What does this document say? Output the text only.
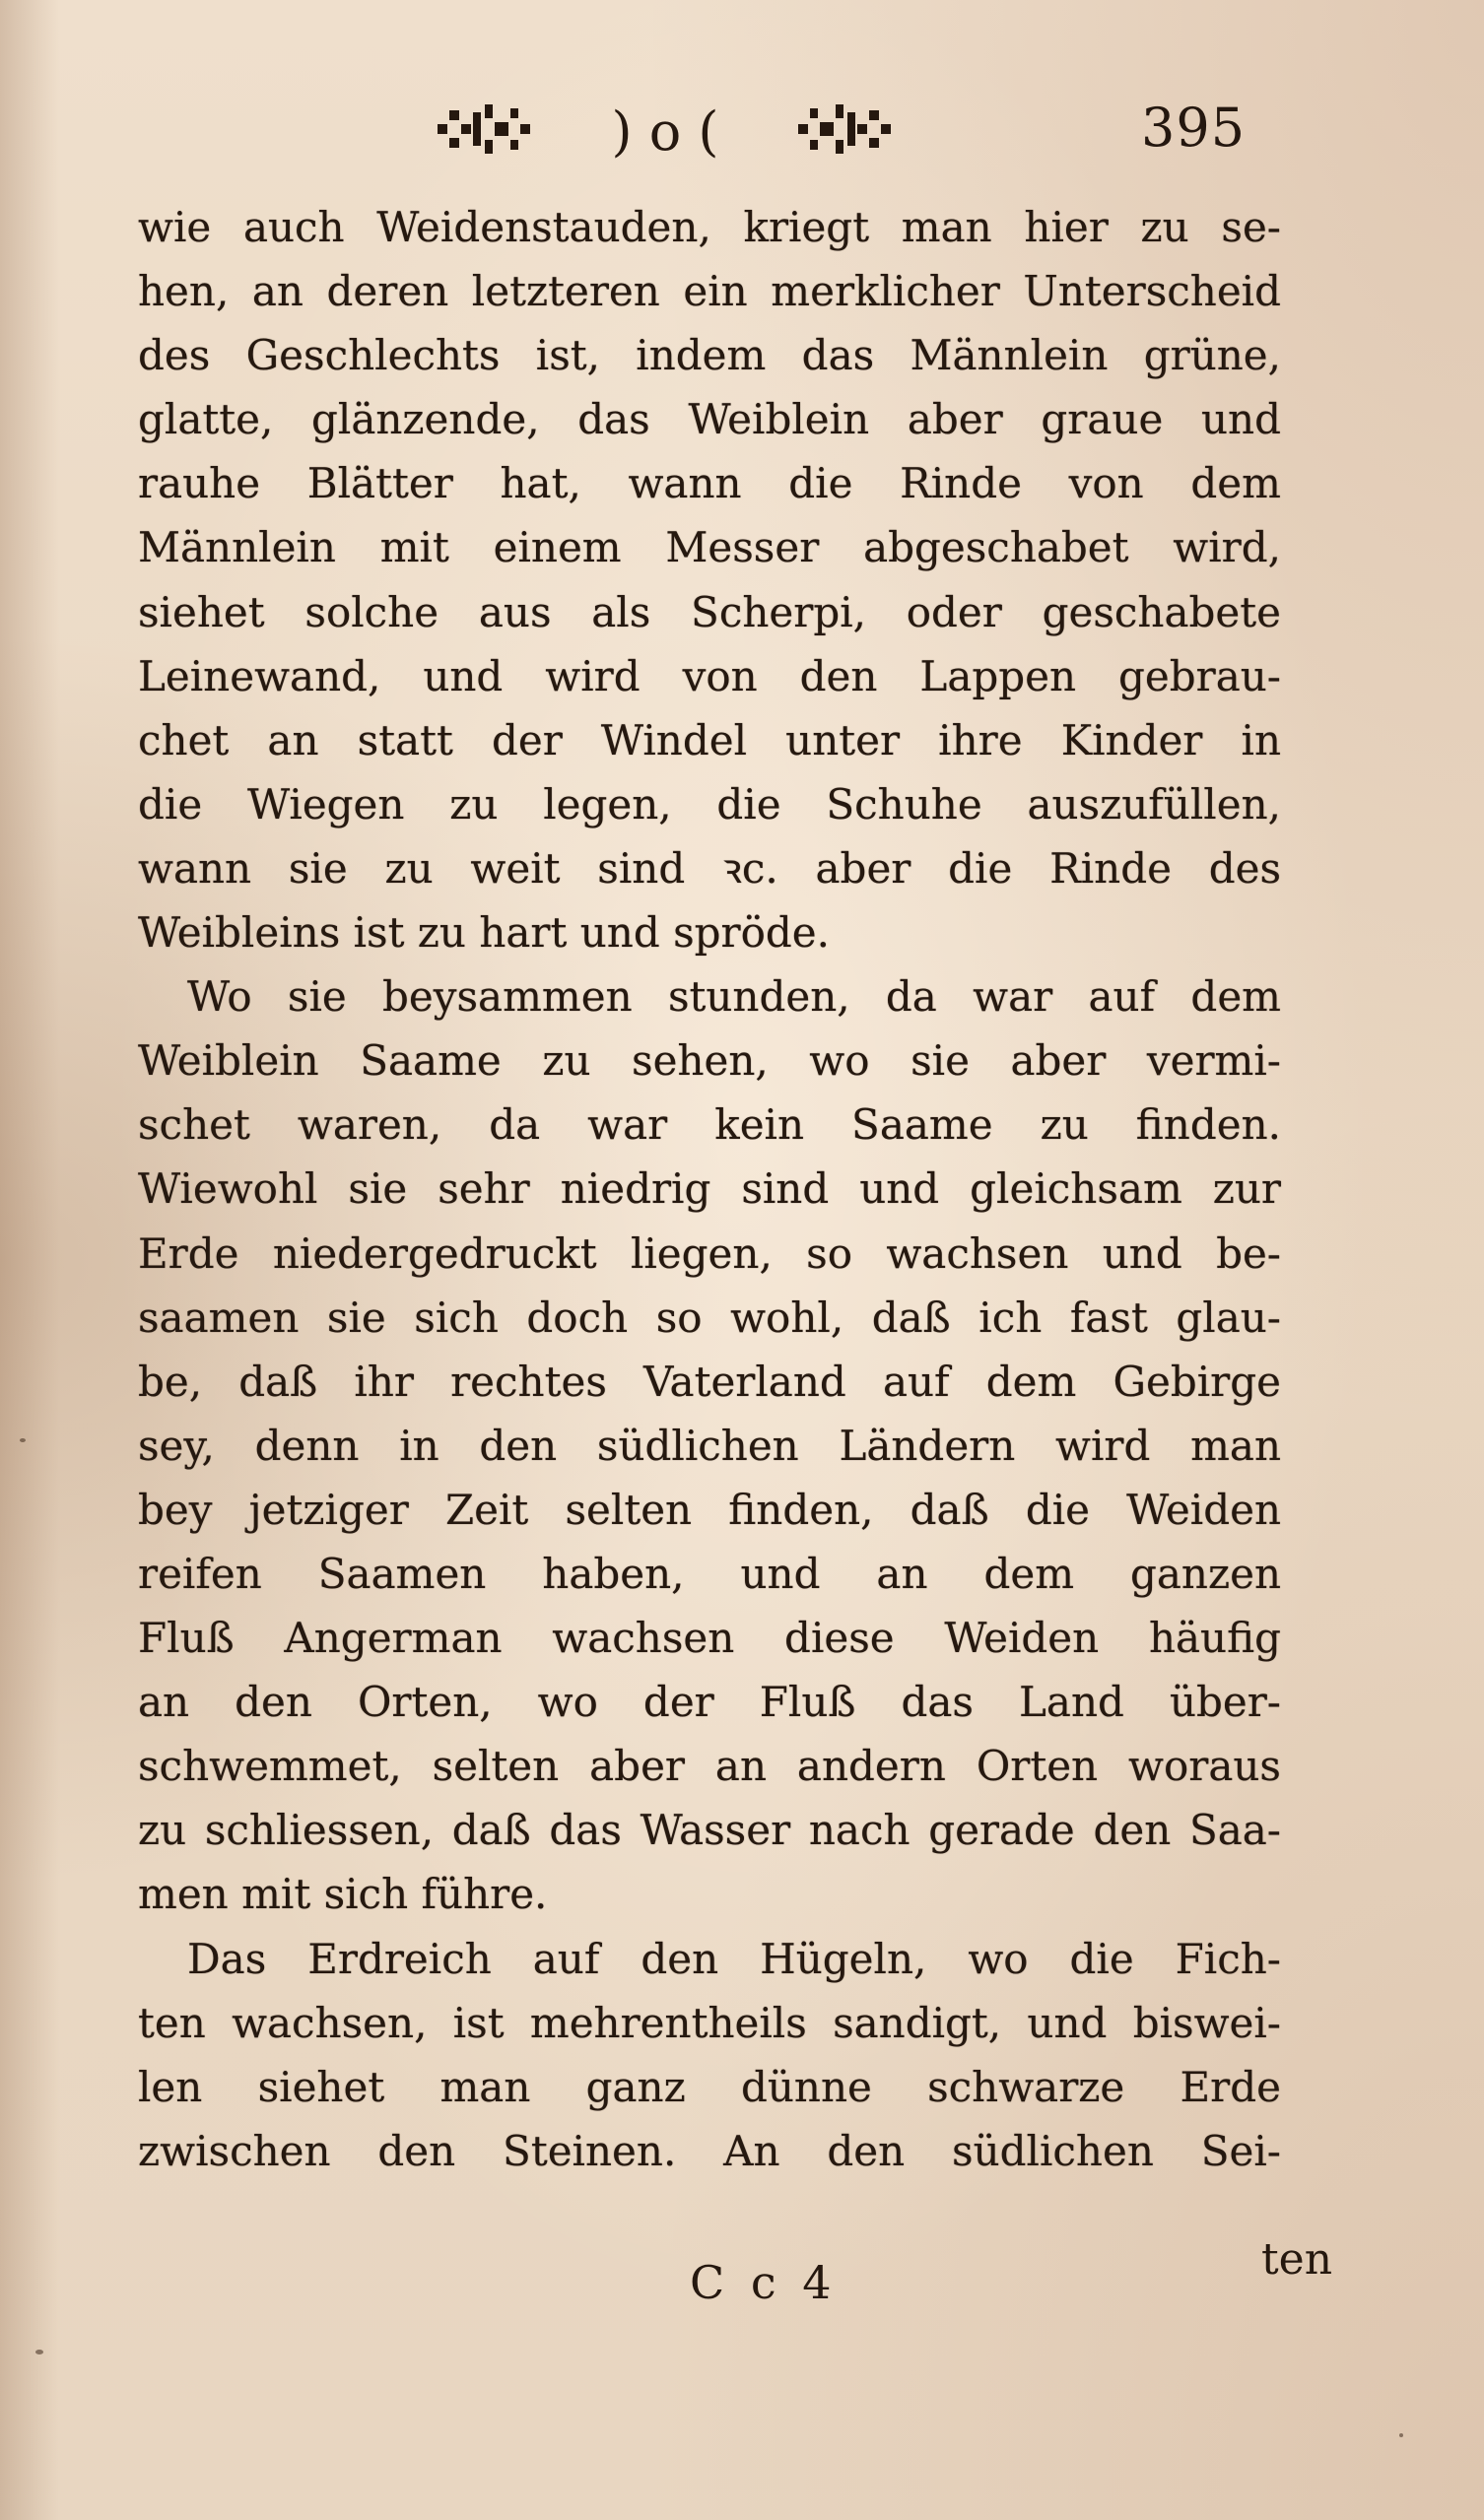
) o (	395
wie auch Weidenstauden, kriegt man hier zu se-
hen, an deren letzteren ein merklicher Unterscheid
des Geschlechts ist, indem das Männlein grüne,
glatte, glänzende, das Weiblein aber graue und
rauhe Blätter hat, wann die Rinde von dem
Männlein mit einem Messer abgeschabet wird,
siehet solche aus als Scherpi, oder geschabete
Leinewand, und wird von den Lappen gebrau-
chet an statt der Windel unter ihre Kinder in
die Wiegen zu legen, die Schuhe auszufüllen,
wann sie zu weit sind ꝛc. aber die Rinde des
Weibleins ist zu hart und spröde.
Wo sie beysammen stunden, da war auf dem
Weiblein Saame zu sehen, wo sie aber vermi-
schet waren, da war kein Saame zu finden.
Wiewohl sie sehr niedrig sind und gleichsam zur
Erde niedergedruckt liegen, so wachsen und be-
saamen sie sich doch so wohl, daß ich fast glau-
be, daß ihr rechtes Vaterland auf dem Gebirge
sey, denn in den südlichen Ländern wird man
bey jetziger Zeit selten finden, daß die Weiden
reifen Saamen haben, und an dem ganzen
Fluß Angerman wachsen diese Weiden häufig
an den Orten, wo der Fluß das Land über-
schwemmet, selten aber an andern Orten woraus
zu schliessen, daß das Wasser nach gerade den Saa-
men mit sich führe.
Das Erdreich auf den Hügeln, wo die Fich-
ten wachsen, ist mehrentheils sandigt, und biswei-
len siehet man ganz dünne schwarze Erde
zwischen den Steinen. An den südlichen Sei-
C c 4	ten
